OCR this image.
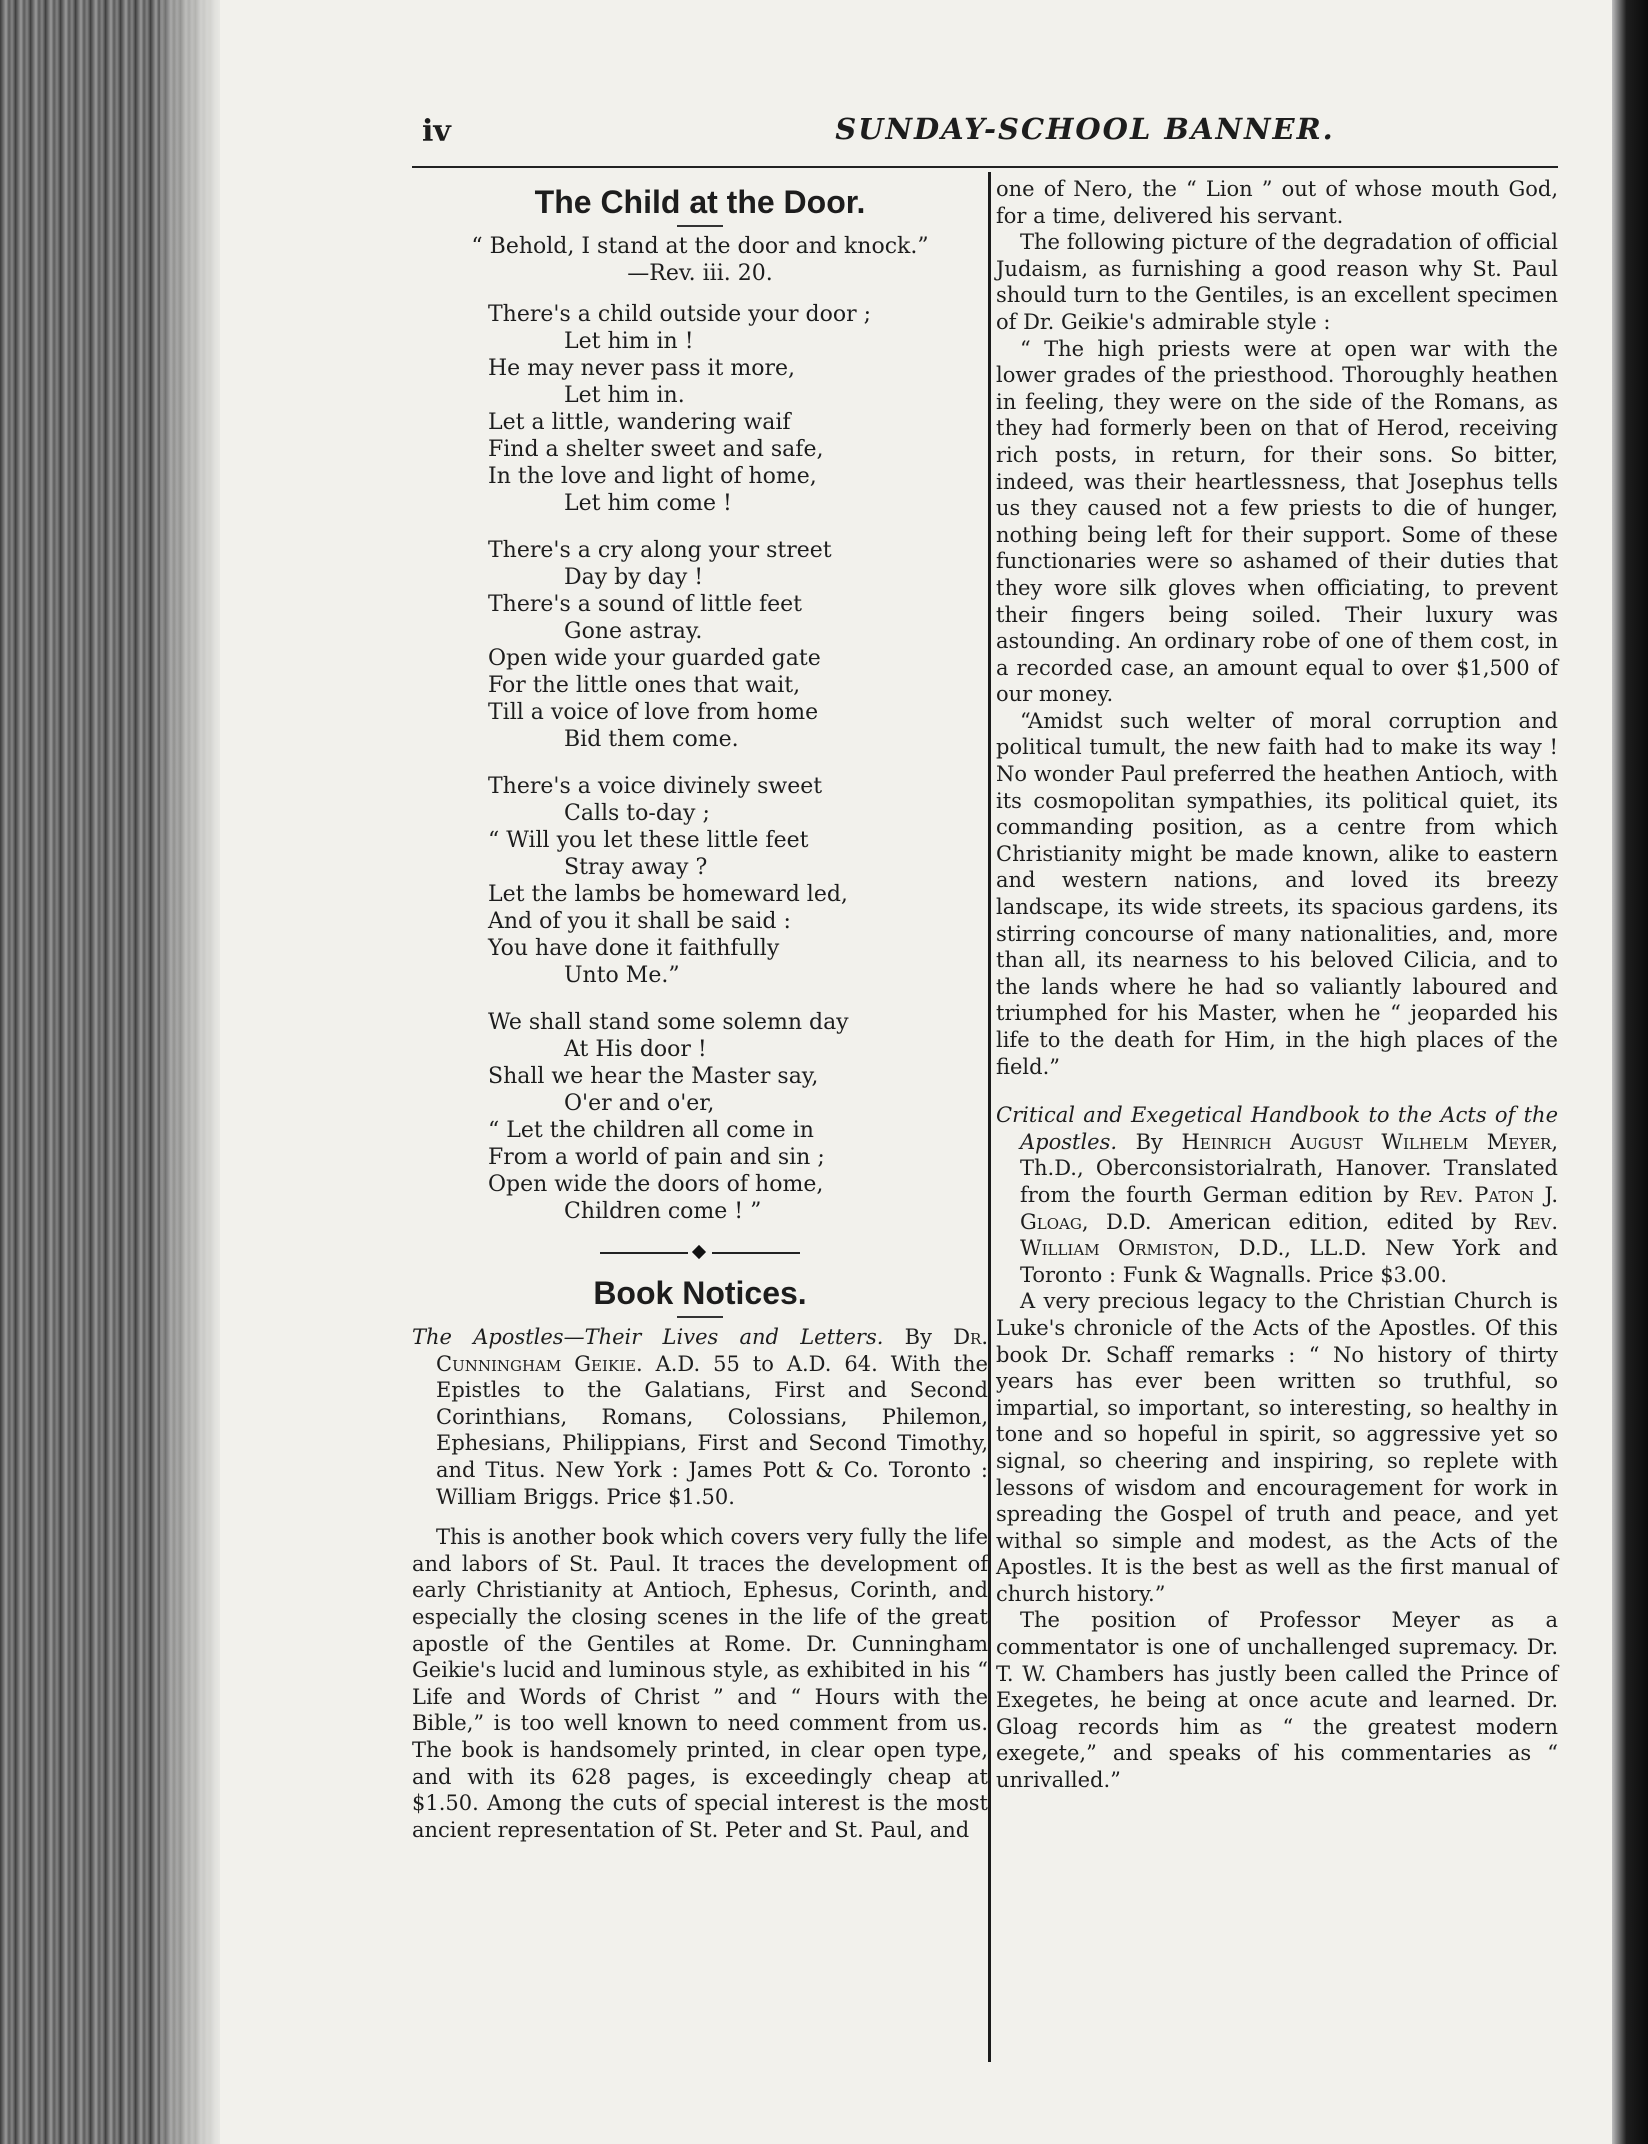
iv	SUNDAY-SCHOOL BANNER.
The Child at the Door.

“ Behold, I stand at the door and knock.”
—Rev. iii. 20.

There's a child outside your door ;
Let him in !
He may never pass it more,
Let him in.
Let a little, wandering waif
Find a shelter sweet and safe,
In the love and light of home,
Let him come !
There's a cry along your street
Day by day !
There's a sound of little feet
Gone astray.
Open wide your guarded gate
For the little ones that wait,
Till a voice of love from home
Bid them come.
There's a voice divinely sweet
Calls to-day ;
“ Will you let these little feet
Stray away ?
Let the lambs be homeward led,
And of you it shall be said :
You have done it faithfully
Unto Me.”
We shall stand some solemn day
At His door !
Shall we hear the Master say,
O'er and o'er,
“ Let the children all come in
From a world of pain and sin ;
Open wide the doors of home,
Children come ! ”
Book Notices.

The Apostles—Their Lives and Letters. By Dr. Cunningham Geikie. A.D. 55 to A.D. 64. With the Epistles to the Galatians, First and Second Corinthians, Romans, Colossians, Philemon, Ephesians, Philippians, First and Second Timothy, and Titus. New York : James Pott & Co. Toronto : William Briggs. Price $1.50.

This is another book which covers very fully the life and labors of St. Paul. It traces the development of early Christianity at Antioch, Ephesus, Corinth, and especially the closing scenes in the life of the great apostle of the Gentiles at Rome. Dr. Cunningham Geikie's lucid and luminous style, as exhibited in his “ Life and Words of Christ ” and “ Hours with the Bible,” is too well known to need comment from us. The book is handsomely printed, in clear open type, and with its 628 pages, is exceedingly cheap at $1.50. Among the cuts of special interest is the most ancient representation of St. Peter and St. Paul, and

one of Nero, the “ Lion ” out of whose mouth God, for a time, delivered his servant.

The following picture of the degradation of official Judaism, as furnishing a good reason why St. Paul should turn to the Gentiles, is an excellent specimen of Dr. Geikie's admirable style :

“ The high priests were at open war with the lower grades of the priesthood. Thoroughly heathen in feeling, they were on the side of the Romans, as they had formerly been on that of Herod, receiving rich posts, in return, for their sons. So bitter, indeed, was their heartlessness, that Josephus tells us they caused not a few priests to die of hunger, nothing being left for their support. Some of these functionaries were so ashamed of their duties that they wore silk gloves when officiating, to prevent their fingers being soiled. Their luxury was astounding. An ordinary robe of one of them cost, in a recorded case, an amount equal to over $1,500 of our money.

“Amidst such welter of moral corruption and political tumult, the new faith had to make its way ! No wonder Paul preferred the heathen Antioch, with its cosmopolitan sympathies, its political quiet, its commanding position, as a centre from which Christianity might be made known, alike to eastern and western nations, and loved its breezy landscape, its wide streets, its spacious gardens, its stirring concourse of many nationalities, and, more than all, its nearness to his beloved Cilicia, and to the lands where he had so valiantly laboured and triumphed for his Master, when he “ jeoparded his life to the death for Him, in the high places of the field.”

Critical and Exegetical Handbook to the Acts of the Apostles. By Heinrich August Wilhelm Meyer, Th.D., Oberconsistorialrath, Hanover. Translated from the fourth German edition by Rev. Paton J. Gloag, D.D. American edition, edited by Rev. William Ormiston, D.D., LL.D. New York and Toronto : Funk & Wagnalls. Price $3.00.

A very precious legacy to the Christian Church is Luke's chronicle of the Acts of the Apostles. Of this book Dr. Schaff remarks : “ No history of thirty years has ever been written so truthful, so impartial, so important, so interesting, so healthy in tone and so hopeful in spirit, so aggressive yet so signal, so cheering and inspiring, so replete with lessons of wisdom and encouragement for work in spreading the Gospel of truth and peace, and yet withal so simple and modest, as the Acts of the Apostles. It is the best as well as the first manual of church history.”

The position of Professor Meyer as a commentator is one of unchallenged supremacy. Dr. T. W. Chambers has justly been called the Prince of Exegetes, he being at once acute and learned. Dr. Gloag records him as “ the greatest modern exegete,” and speaks of his commentaries as “ unrivalled.”
